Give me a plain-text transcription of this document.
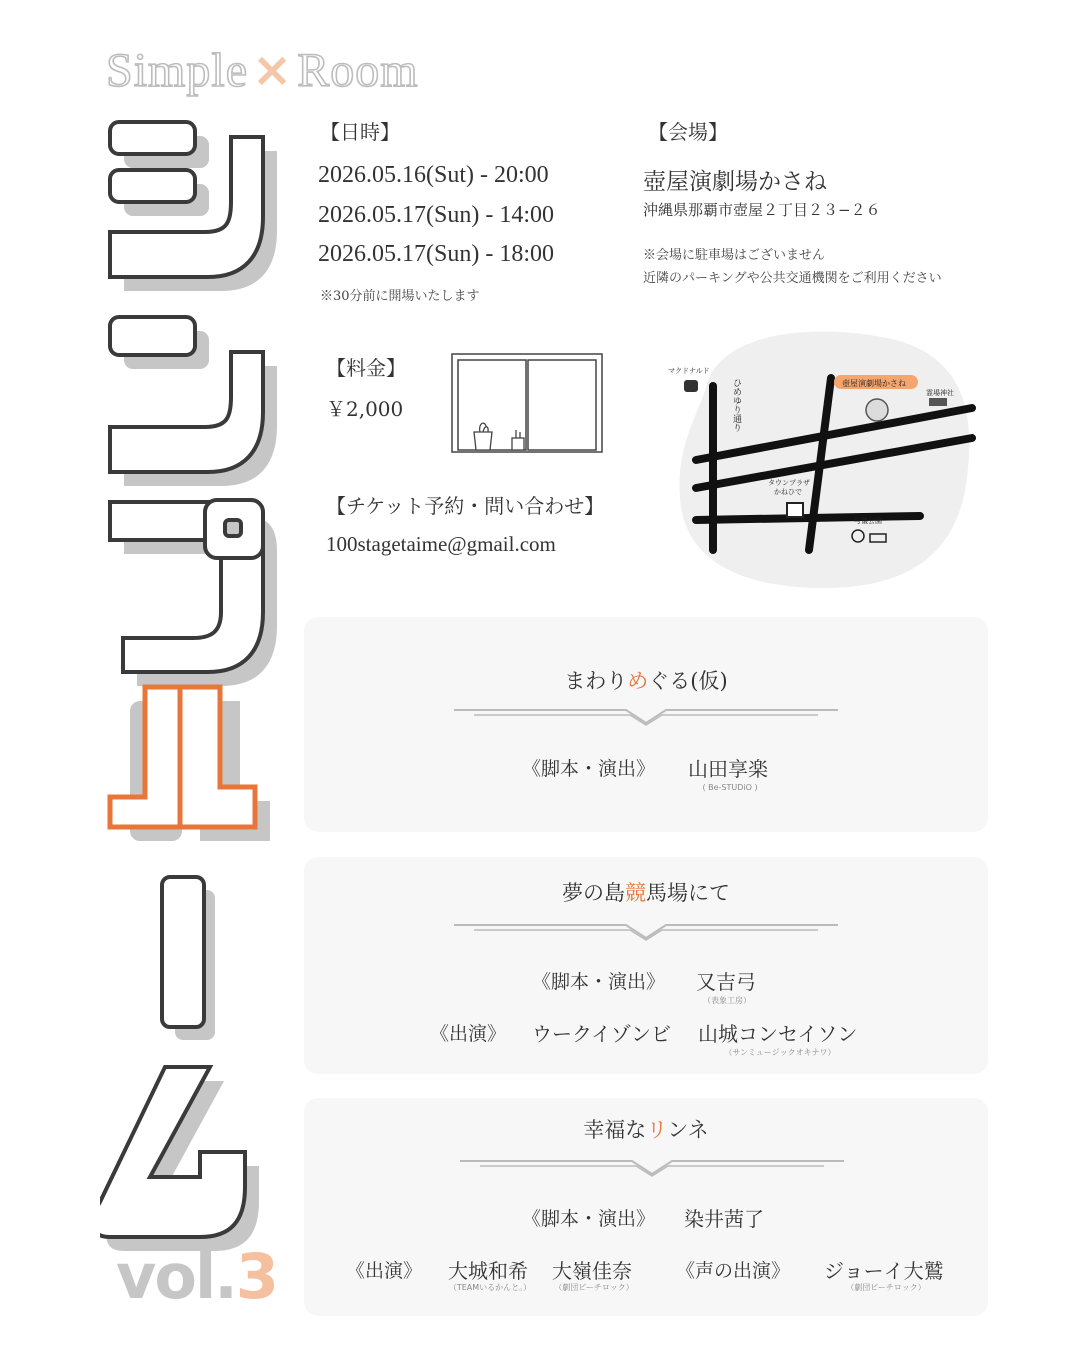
Simple×Room
vol.3
【日時】
2026.05.16(Sut) - 20:00
2026.05.17(Sun) - 14:00
2026.05.17(Sun) - 18:00
※30分前に開場いたします
【会場】
壺屋演劇場かさね
沖縄県那覇市壺屋２丁目２３−２６
※会場に駐車場はございません
近隣のパーキングや公共交通機関をご利用ください
【料金】
￥2,000
【チケット予約・問い合わせ】
100stagetaime@gmail.com
マクドナルド
ひめゆり通り	壺屋演劇場かさね
霊場神社
タウンプラザ
かねひで
与儀公園
まわりめぐる(仮)
《脚本・演出》 山田享楽
( Be-STUDiO )
夢の島競馬場にて
《脚本・演出》 又吉弓
（表象工房）
《出演》 ウークイゾンビ 山城コンセイソン
（サンミュージックオキナワ）
幸福なリンネ
《脚本・演出》 染井茜了
《出演》 大城和希
（TEAMいるかんと。）
大嶺佳奈
（劇団ビーチロック）
《声の出演》 ジョーイ大鷲
（劇団ビーチロック）
